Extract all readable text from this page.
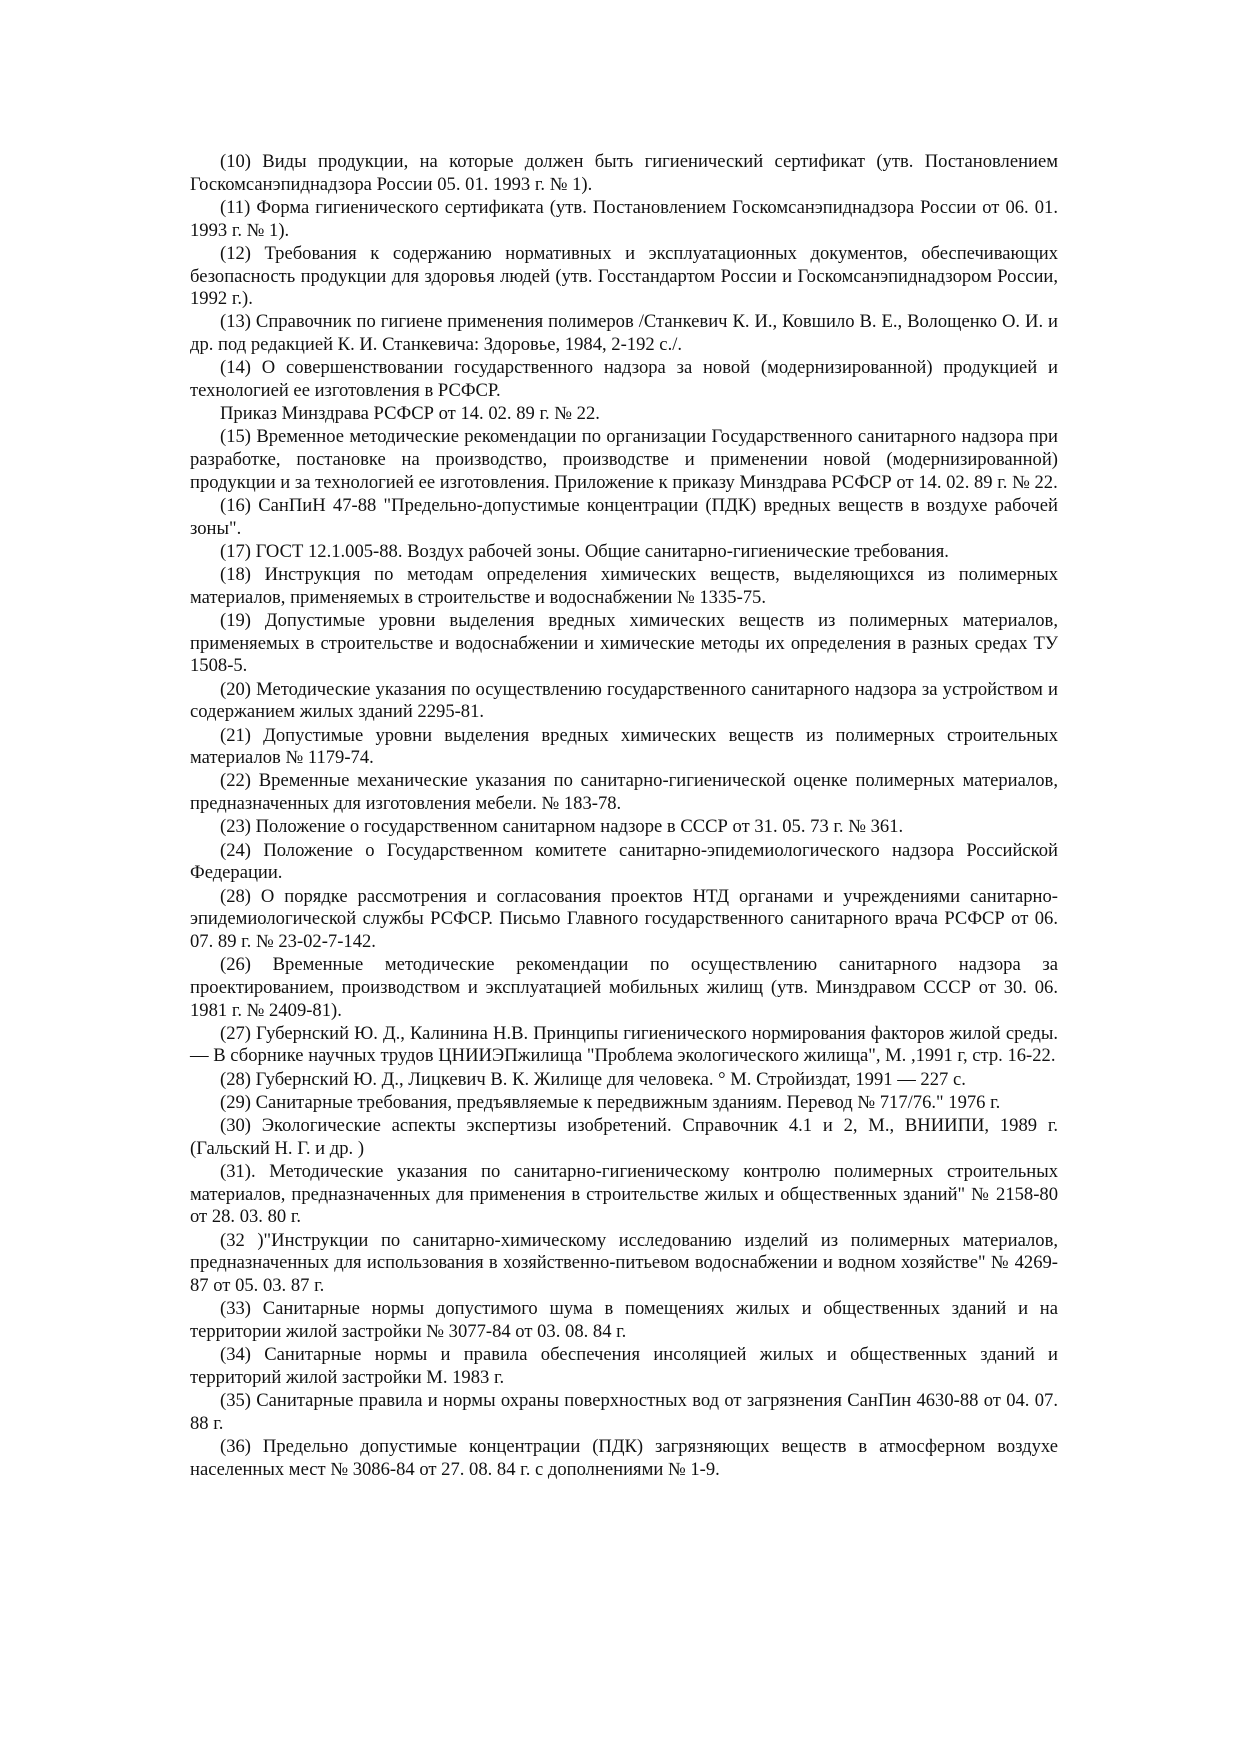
(10) Виды продукции, на которые должен быть гигиенический сертификат (утв. Постановлением Госкомсанэпиднадзора России 05. 01. 1993 г. № 1).

(11) Форма гигиенического сертификата (утв. Постановлением Госкомсанэпиднадзора России от 06. 01. 1993 г. № 1).

(12) Требования к содержанию нормативных и эксплуатационных документов, обеспечивающих безопасность продукции для здоровья людей (утв. Госстандартом России и Госкомсанэпиднадзором России, 1992 г.).

(13) Справочник по гигиене применения полимеров /Станкевич К. И., Ковшило В. Е., Волощенко О. И. и др. под редакцией К. И. Станкевича: Здоровье, 1984, 2-192 с./.

(14) О совершенствовании государственного надзора за новой (модернизированной) продукцией и технологией ее изготовления в РСФСР.

Приказ Минздрава РСФСР от 14. 02. 89 г. № 22.

(15) Временное методические рекомендации по организации Государственного санитарного надзора при разработке, постановке на производство, производстве и применении новой (модернизированной) продукции и за технологией ее изготовления. Приложение к приказу Минздрава РСФСР от 14. 02. 89 г. № 22.

(16) СанПиН 47-88 "Предельно-допустимые концентрации (ПДК) вредных веществ в воздухе рабочей зоны".

(17) ГОСТ 12.1.005-88. Воздух рабочей зоны. Общие санитарно-гигиенические требования.

(18) Инструкция по методам определения химических веществ, выделяющихся из полимерных материалов, применяемых в строительстве и водоснабжении № 1335-75.

(19) Допустимые уровни выделения вредных химических веществ из полимерных материалов, применяемых в строительстве и водоснабжении и химические методы их определения в разных средах ТУ 1508-5.

(20) Методические указания по осуществлению государственного санитарного надзора за устройством и содержанием жилых зданий 2295-81.

(21) Допустимые уровни выделения вредных химических веществ из полимерных строительных материалов № 1179-74.

(22) Временные механические указания по санитарно-гигиенической оценке полимерных материалов, предназначенных для изготовления мебели. № 183-78.

(23) Положение о государственном санитарном надзоре в СССР от 31. 05. 73 г. № 361.

(24) Положение о Государственном комитете санитарно-эпидемиологического надзора Российской Федерации.

(28) О порядке рассмотрения и согласования проектов НТД органами и учреждениями санитарно-эпидемиологической службы РСФСР. Письмо Главного государственного санитарного врача РСФСР от 06. 07. 89 г. № 23-02-7-142.

(26) Временные методические рекомендации по осуществлению санитарного надзора за проектированием, производством и эксплуатацией мобильных жилищ (утв. Минздравом СССР от 30. 06. 1981 г. № 2409-81).

(27) Губернский Ю. Д., Калинина Н.В. Принципы гигиенического нормирования факторов жилой среды. — В сборнике научных трудов ЦНИИЭПжилища "Проблема экологического жилища", М. ,1991 г, стр. 16-22.

(28) Губернский Ю. Д., Лицкевич В. К. Жилище для человека. ° М. Стройиздат, 1991 — 227 с.

(29) Санитарные требования, предъявляемые к передвижным зданиям. Перевод № 717/76." 1976 г.

(30) Экологические аспекты экспертизы изобретений. Справочник 4.1 и 2, М., ВНИИПИ, 1989 г. (Гальский Н. Г. и др. )

(31). Методические указания по санитарно-гигиеническому контролю полимерных строительных материалов, предназначенных для применения в строительстве жилых и общественных зданий" № 2158-80 от 28. 03. 80 г.

(32 )"Инструкции по санитарно-химическому исследованию изделий из полимерных материалов, предназначенных для использования в хозяйственно-питьевом водоснабжении и водном хозяйстве" № 4269-87 от 05. 03. 87 г.

(33) Санитарные нормы допустимого шума в помещениях жилых и общественных зданий и на территории жилой застройки № 3077-84 от 03. 08. 84 г.

(34) Санитарные нормы и правила обеспечения инсоляцией жилых и общественных зданий и территорий жилой застройки М. 1983 г.

(35) Санитарные правила и нормы охраны поверхностных вод от загрязнения СанПин 4630-88 от 04. 07. 88 г.

(36) Предельно допустимые концентрации (ПДК) загрязняющих веществ в атмосферном воздухе населенных мест № 3086-84 от 27. 08. 84 г. с дополнениями № 1-9.
